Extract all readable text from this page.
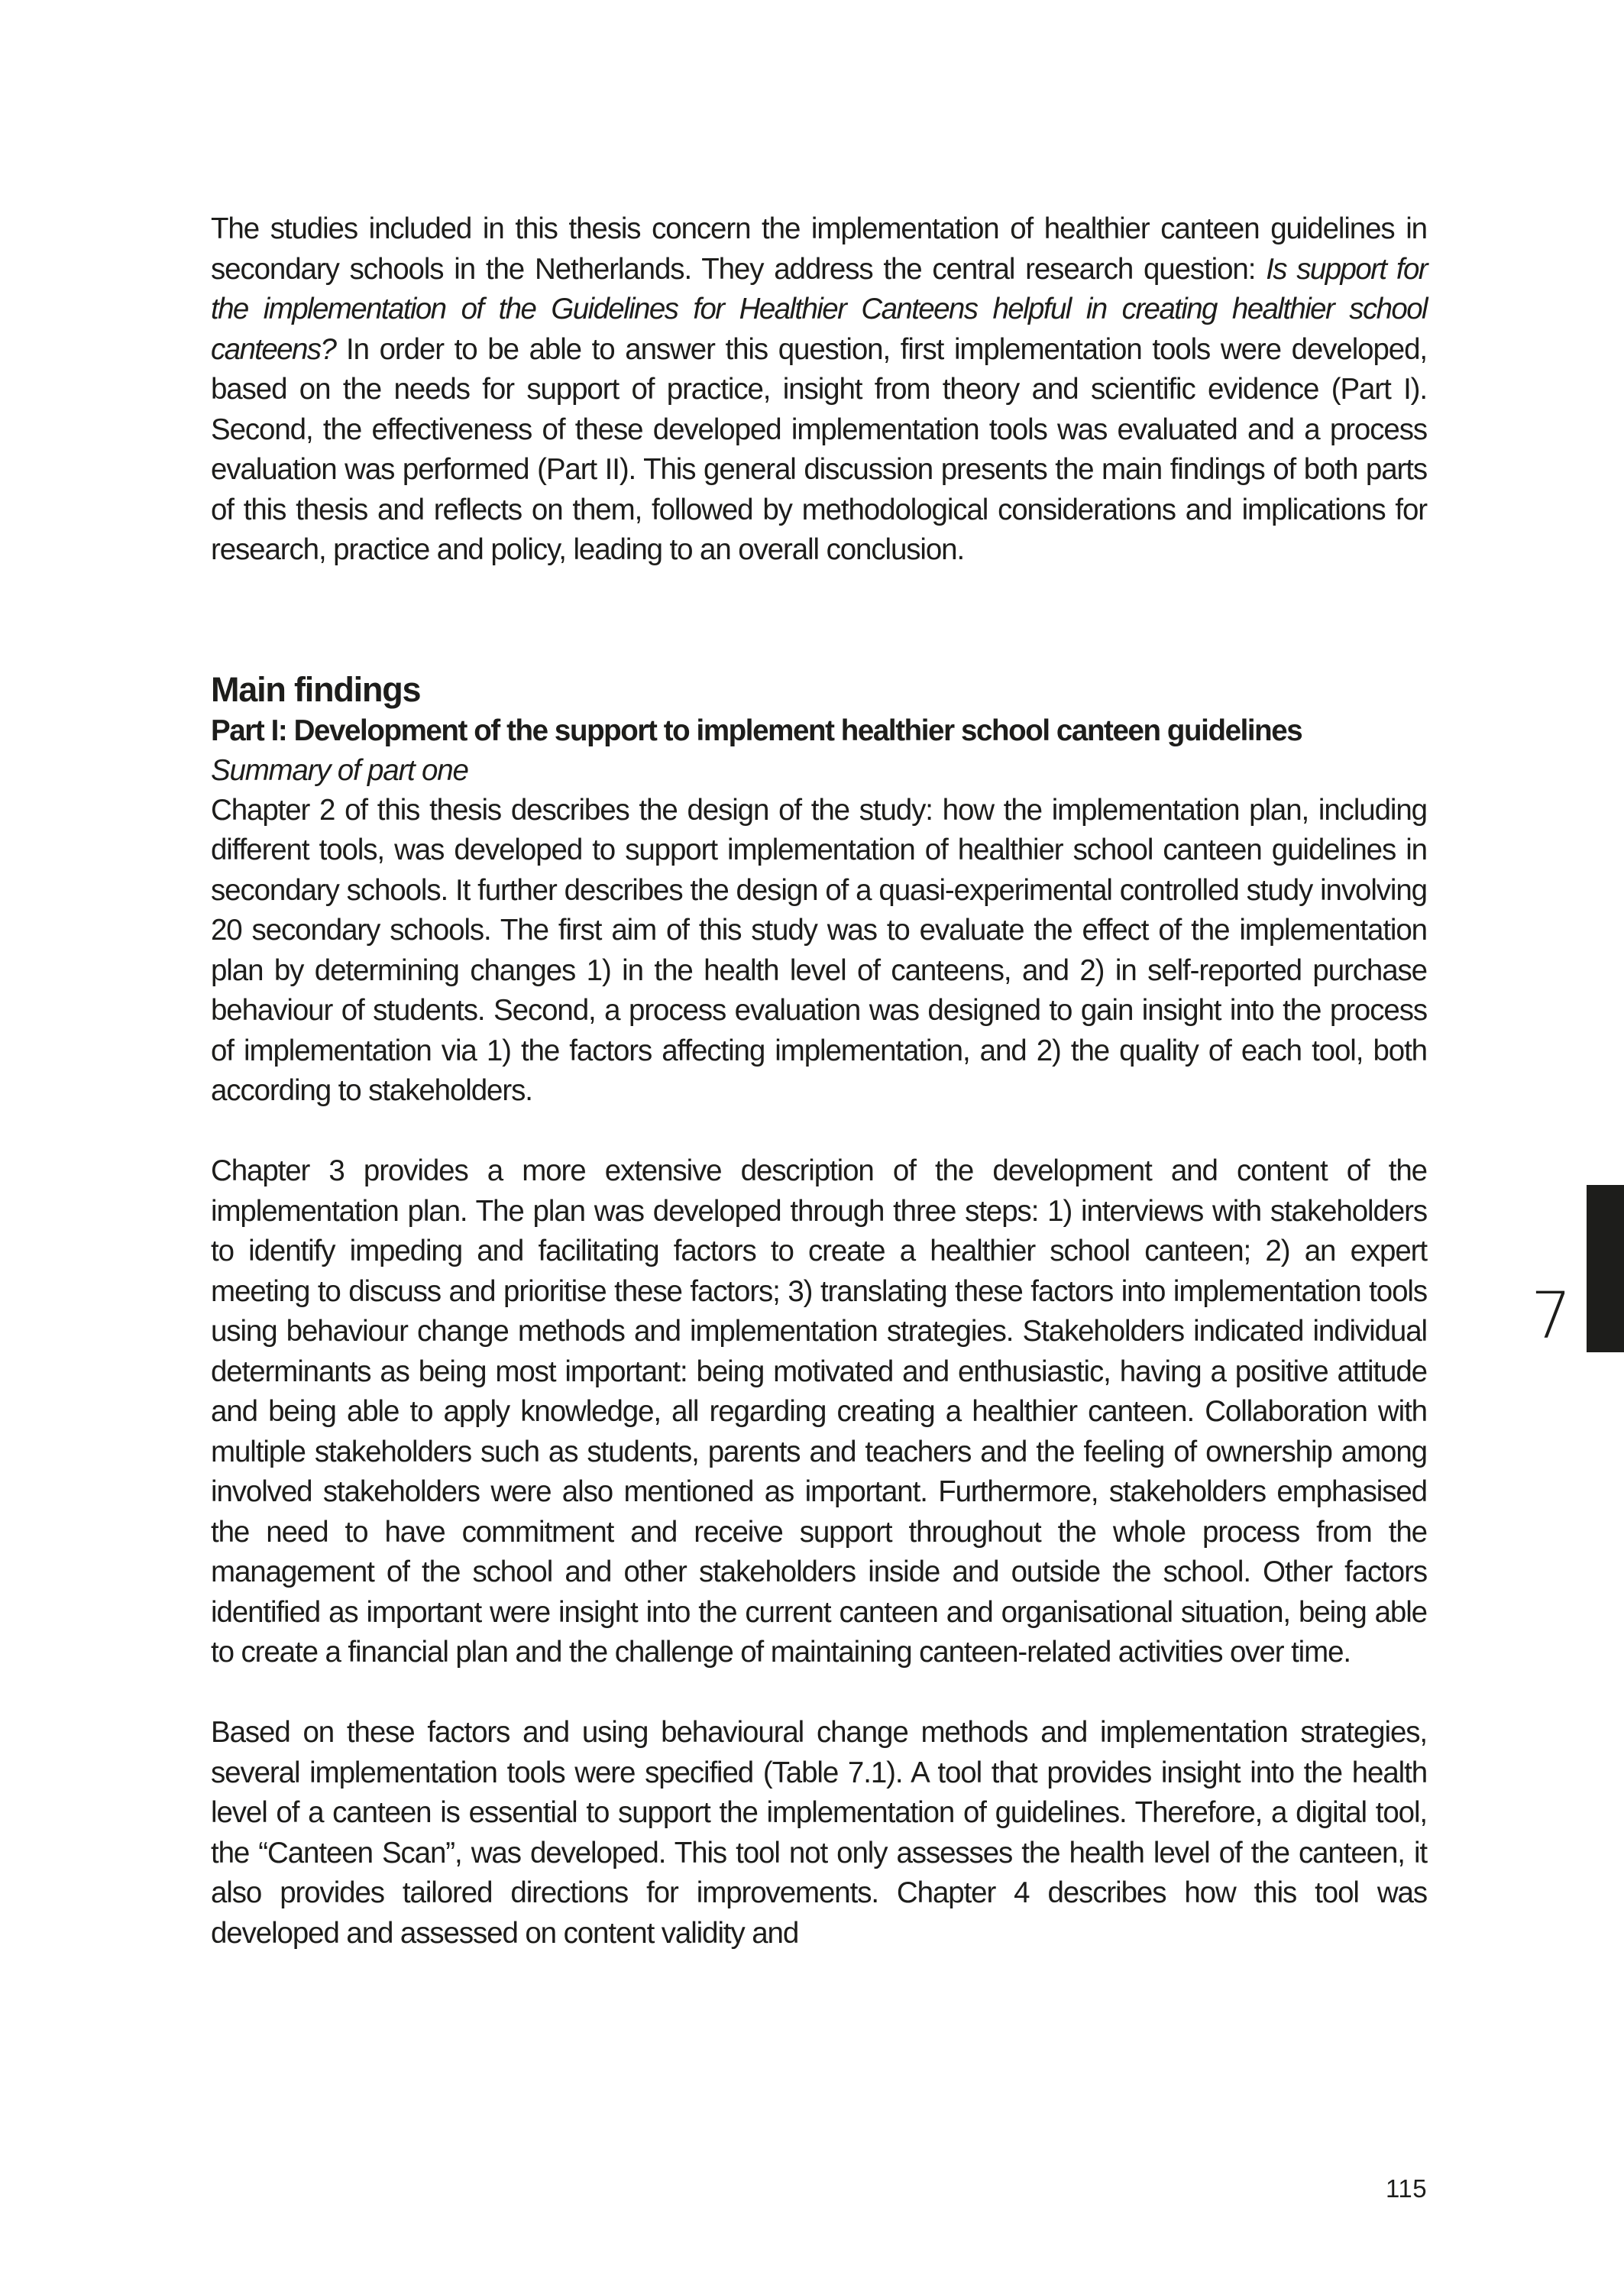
The studies included in this thesis concern the implementation of healthier canteen guidelines in secondary schools in the Netherlands. They address the central research question: Is support for the implementation of the Guidelines for Healthier Canteens helpful in creating healthier school canteens? In order to be able to answer this question, first implementation tools were developed, based on the needs for support of practice, insight from theory and scientific evidence (Part I). Second, the effectiveness of these developed implementation tools was evaluated and a process evaluation was performed (Part II). This general discussion presents the main findings of both parts of this thesis and reflects on them, followed by methodological considerations and implications for research, practice and policy, leading to an overall conclusion.

Main findings
Part I: Development of the support to implement healthier school canteen guidelines
Summary of part one

Chapter 2 of this thesis describes the design of the study: how the implementation plan, including different tools, was developed to support implementation of healthier school canteen guidelines in secondary schools. It further describes the design of a quasi-experimental controlled study involving 20 secondary schools. The first aim of this study was to evaluate the effect of the implementation plan by determining changes 1) in the health level of canteens, and 2) in self-reported purchase behaviour of students. Second, a process evaluation was designed to gain insight into the process of implementation via 1) the factors affecting implementation, and 2) the quality of each tool, both according to stakeholders.

Chapter 3 provides a more extensive description of the development and content of the implementation plan. The plan was developed through three steps: 1) interviews with stakeholders to identify impeding and facilitating factors to create a healthier school canteen; 2) an expert meeting to discuss and prioritise these factors; 3) translating these factors into implementation tools using behaviour change methods and implementation strategies. Stakeholders indicated individual determinants as being most important: being motivated and enthusiastic, having a positive attitude and being able to apply knowledge, all regarding creating a healthier canteen. Collaboration with multiple stakeholders such as students, parents and teachers and the feeling of ownership among involved stakeholders were also mentioned as important. Furthermore, stakeholders emphasised the need to have commitment and receive support throughout the whole process from the management of the school and other stakeholders inside and outside the school. Other factors identified as important were insight into the current canteen and organisational situation, being able to create a financial plan and the challenge of maintaining canteen-related activities over time.

Based on these factors and using behavioural change methods and implementation strategies, several implementation tools were specified (Table 7.1). A tool that provides insight into the health level of a canteen is essential to support the implementation of guidelines. Therefore, a digital tool, the “Canteen Scan”, was developed. This tool not only assesses the health level of the canteen, it also provides tailored directions for improvements. Chapter 4 describes how this tool was developed and assessed on content validity and

7
115
